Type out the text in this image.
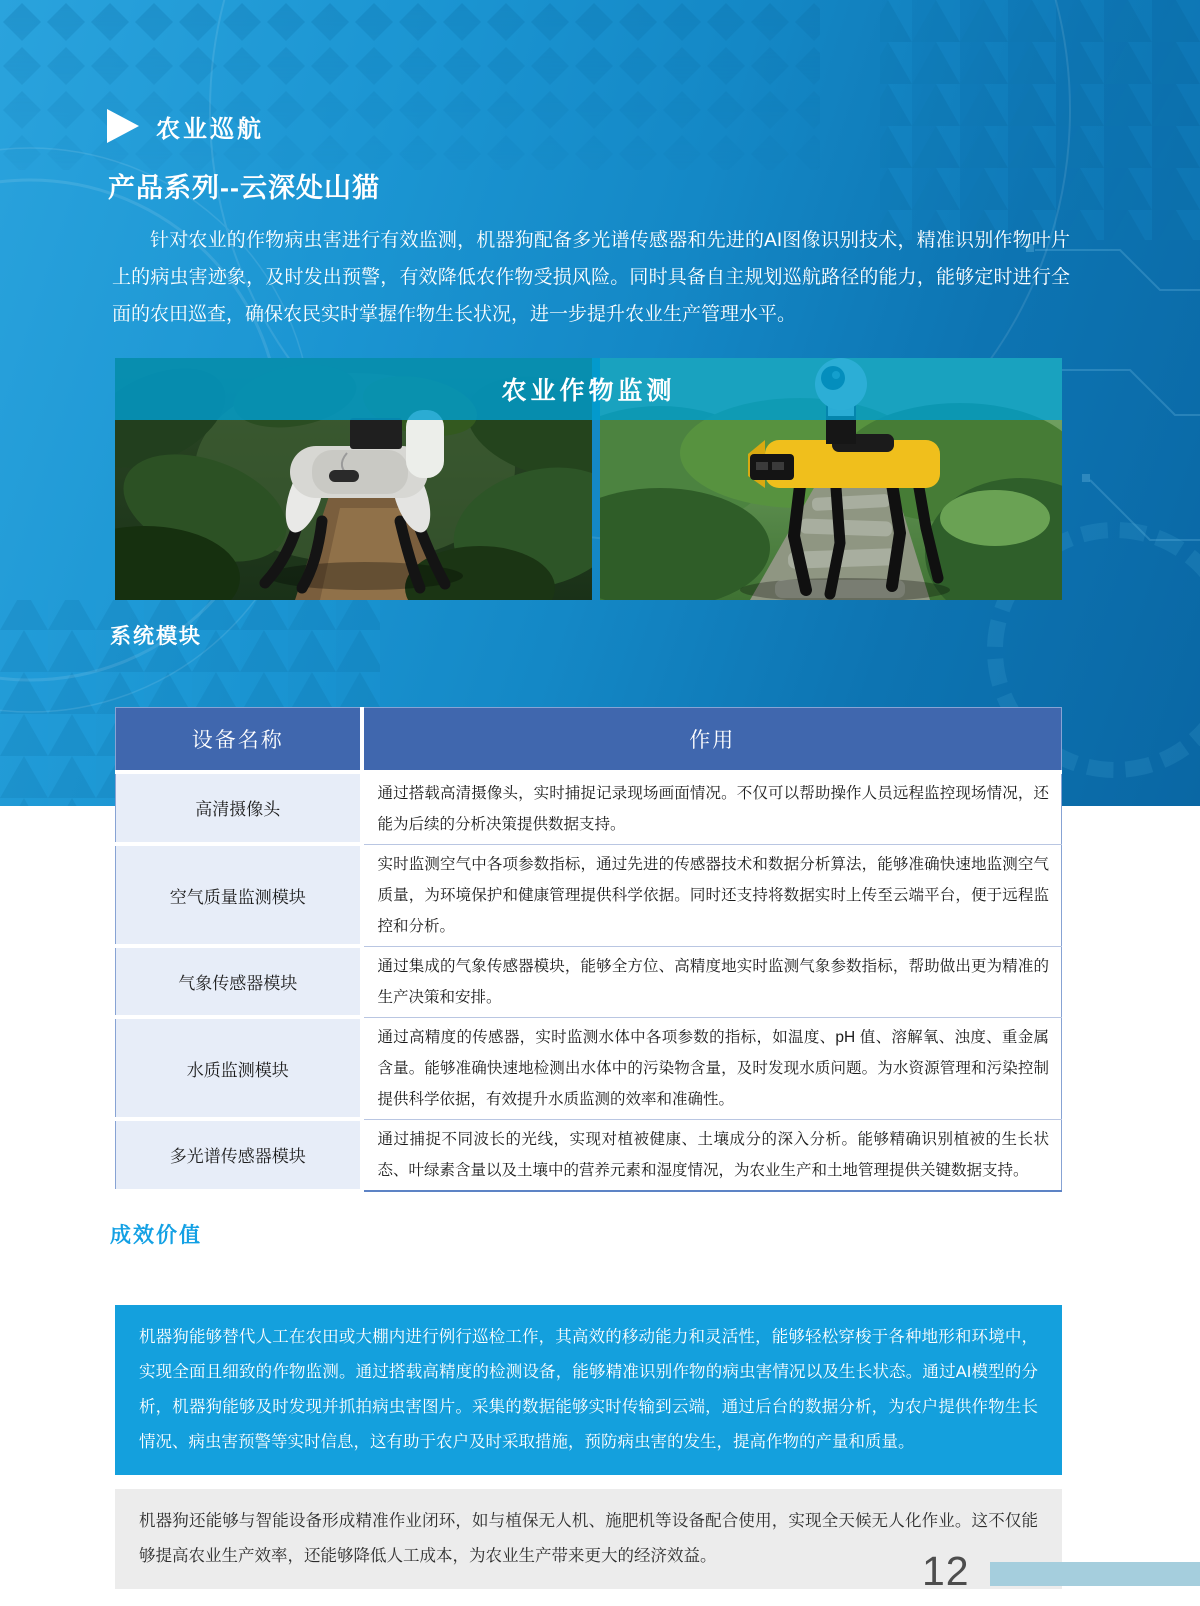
农业巡航
产品系列--云深处山猫

针对农业的作物病虫害进行有效监测，机器狗配备多光谱传感器和先进的AI图像识别技术，精准识别作物叶片上的病虫害迹象，及时发出预警，有效降低农作物受损风险。同时具备自主规划巡航路径的能力，能够定时进行全面的农田巡查，确保农民实时掌握作物生长状况，进一步提升农业生产管理水平。

农业作物监测
系统模块
设备名称	作用
高清摄像头	通过搭载高清摄像头，实时捕捉记录现场画面情况。不仅可以帮助操作人员远程监控现场情况，还能为后续的分析决策提供数据支持。
空气质量监测模块	实时监测空气中各项参数指标，通过先进的传感器技术和数据分析算法，能够准确快速地监测空气质量，为环境保护和健康管理提供科学依据。同时还支持将数据实时上传至云端平台，便于远程监控和分析。
气象传感器模块	通过集成的气象传感器模块，能够全方位、高精度地实时监测气象参数指标，帮助做出更为精准的生产决策和安排。
水质监测模块	通过高精度的传感器，实时监测水体中各项参数的指标，如温度、pH 值、溶解氧、浊度、重金属含量。能够准确快速地检测出水体中的污染物含量，及时发现水质问题。为水资源管理和污染控制提供科学依据，有效提升水质监测的效率和准确性。
多光谱传感器模块	通过捕捉不同波长的光线，实现对植被健康、土壤成分的深入分析。能够精确识别植被的生长状态、叶绿素含量以及土壤中的营养元素和湿度情况，为农业生产和土地管理提供关键数据支持。
成效价值

机器狗能够替代人工在农田或大棚内进行例行巡检工作，其高效的移动能力和灵活性，能够轻松穿梭于各种地形和环境中，实现全面且细致的作物监测。通过搭载高精度的检测设备，能够精准识别作物的病虫害情况以及生长状态。通过AI模型的分析，机器狗能够及时发现并抓拍病虫害图片。采集的数据能够实时传输到云端，通过后台的数据分析，为农户提供作物生长情况、病虫害预警等实时信息，这有助于农户及时采取措施，预防病虫害的发生，提高作物的产量和质量。

机器狗还能够与智能设备形成精准作业闭环，如与植保无人机、施肥机等设备配合使用，实现全天候无人化作业。这不仅能够提高农业生产效率，还能够降低人工成本，为农业生产带来更大的经济效益。	12
